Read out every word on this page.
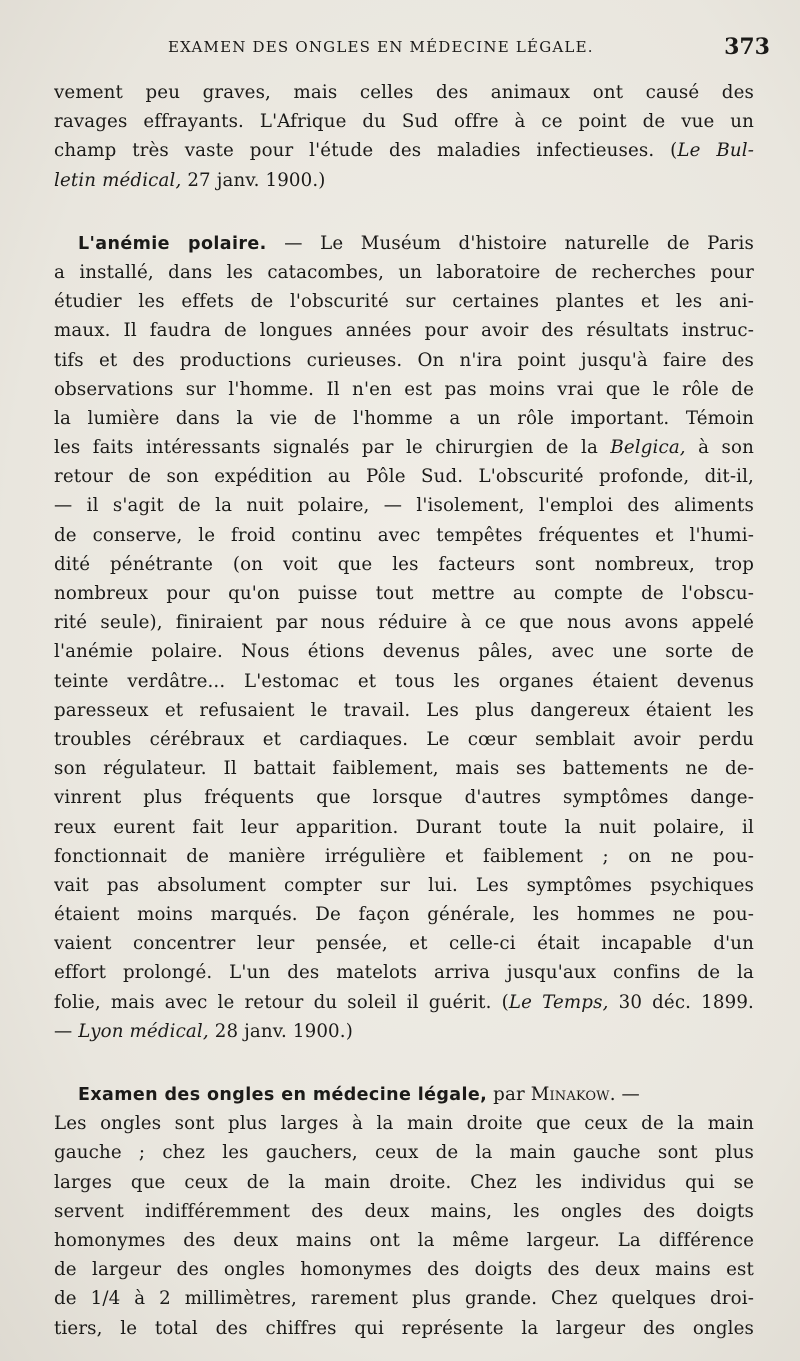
EXAMEN DES ONGLES EN MÉDECINE LÉGALE.	373
vement peu graves, mais celles des animaux ont causé des
ravages effrayants. L'Afrique du Sud offre à ce point de vue un
champ très vaste pour l'étude des maladies infectieuses. (Le Bul-
letin médical, 27 janv. 1900.)
L'anémie polaire. — Le Muséum d'histoire naturelle de Paris
a installé, dans les catacombes, un laboratoire de recherches pour
étudier les effets de l'obscurité sur certaines plantes et les ani-
maux. Il faudra de longues années pour avoir des résultats instruc-
tifs et des productions curieuses. On n'ira point jusqu'à faire des
observations sur l'homme. Il n'en est pas moins vrai que le rôle de
la lumière dans la vie de l'homme a un rôle important. Témoin
les faits intéressants signalés par le chirurgien de la Belgica, à son
retour de son expédition au Pôle Sud. L'obscurité profonde, dit-il,
— il s'agit de la nuit polaire, — l'isolement, l'emploi des aliments
de conserve, le froid continu avec tempêtes fréquentes et l'humi-
dité pénétrante (on voit que les facteurs sont nombreux, trop
nombreux pour qu'on puisse tout mettre au compte de l'obscu-
rité seule), finiraient par nous réduire à ce que nous avons appelé
l'anémie polaire. Nous étions devenus pâles, avec une sorte de
teinte verdâtre... L'estomac et tous les organes étaient devenus
paresseux et refusaient le travail. Les plus dangereux étaient les
troubles cérébraux et cardiaques. Le cœur semblait avoir perdu
son régulateur. Il battait faiblement, mais ses battements ne de-
vinrent plus fréquents que lorsque d'autres symptômes dange-
reux eurent fait leur apparition. Durant toute la nuit polaire, il
fonctionnait de manière irrégulière et faiblement ; on ne pou-
vait pas absolument compter sur lui. Les symptômes psychiques
étaient moins marqués. De façon générale, les hommes ne pou-
vaient concentrer leur pensée, et celle-ci était incapable d'un
effort prolongé. L'un des matelots arriva jusqu'aux confins de la
folie, mais avec le retour du soleil il guérit. (Le Temps, 30 déc. 1899.
— Lyon médical, 28 janv. 1900.)
Examen des ongles en médecine légale, par Minakow. —
Les ongles sont plus larges à la main droite que ceux de la main
gauche ; chez les gauchers, ceux de la main gauche sont plus
larges que ceux de la main droite. Chez les individus qui se
servent indifféremment des deux mains, les ongles des doigts
homonymes des deux mains ont la même largeur. La différence
de largeur des ongles homonymes des doigts des deux mains est
de 1/4 à 2 millimètres, rarement plus grande. Chez quelques droi-
tiers, le total des chiffres qui représente la largeur des ongles
